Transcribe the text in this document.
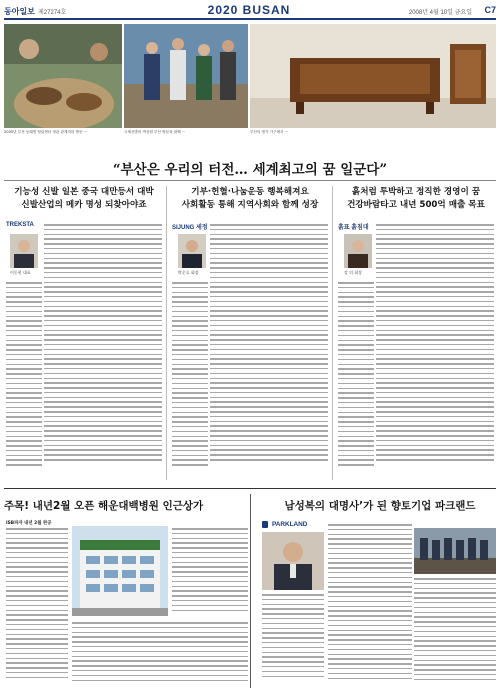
동아일보 제27274호	2020 BUSAN	2008년 4월 10일 금요일 C7
2005년 부산 동래별 힐링센터 정관 관계자의 방문 ···	국제신발의 박상원 부산 방문과 함께 ···	부산의 명가 가구에서 ···
“부산은 우리의 터전… 세계최고의 꿈 일군다”
기능성 신발 일본 중국 대만등서 대박
신발산업의 메카 명성 되찾아야죠
기부·헌혈·나눔운동 행복해져요
사회활동 통해 지역사회와 함께 성장
흙처럼 투박하고 정직한 경영이 꿈
건강바람타고 내년 500억 매출 목표
TREKSTA
이동현 대표
SIJUNG 세정
박순호 회장
흙표 흙침대
강 의 회장
주목! 내년2월 오픈 해운대백병원 인근상가
ISB파자 내년 2월 완공
남성복의 대명사’가 된 향토기업 파크랜드
PARKLAND
